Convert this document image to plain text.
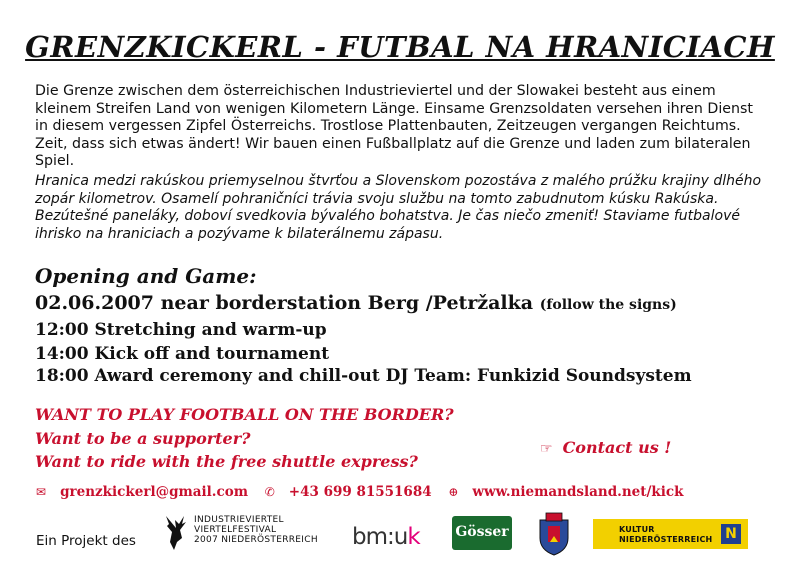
GRENZKICKERL - FUTBAL NA HRANICIACH
Die Grenze zwischen dem österreichischen Industrieviertel und der Slowakei besteht aus einem kleinem Streifen Land von wenigen Kilometern Länge. Einsame Grenzsoldaten versehen ihren Dienst in diesem vergessen Zipfel Österreichs. Trostlose Plattenbauten, Zeitzeugen vergangen Reichtums. Zeit, dass sich etwas ändert! Wir bauen einen Fußballplatz auf die Grenze und laden zum bilateralen Spiel.
Hranica medzi rakúskou priemyselnou štvrťou a Slovenskom pozostáva z malého prúžku krajiny dlhého zopár kilometrov. Osamelí pohraničníci trávia svoju službu na tomto zabudnutom kúsku Rakúska. Bezútešné paneláky, doboví svedkovia bývalého bohatstva. Je čas niečo zmeniť! Staviame futbalové ihrisko na hraniciach a pozývame k bilaterálnemu zápasu.
Opening and Game:
02.06.2007 near borderstation Berg /Petržalka (follow the signs)
12:00 Stretching and warm-up
14:00 Kick off and tournament
18:00 Award ceremony and chill-out DJ Team: Funkizid Soundsystem
WANT TO PLAY FOOTBALL ON THE BORDER?
Want to be a supporter?
Want to ride with the free shuttle express?
☞ Contact us !
✉ grenzkickerl@gmail.com ✆ +43 699 81551684 ⊕ www.niemandsland.net/kick
Ein Projekt des
INDUSTRIEVIERTEL
VIERTELFESTIVAL
2007 NIEDERÖSTERREICH bm:uk	Gösser	KULTUR
NIEDERÖSTERREICH N
